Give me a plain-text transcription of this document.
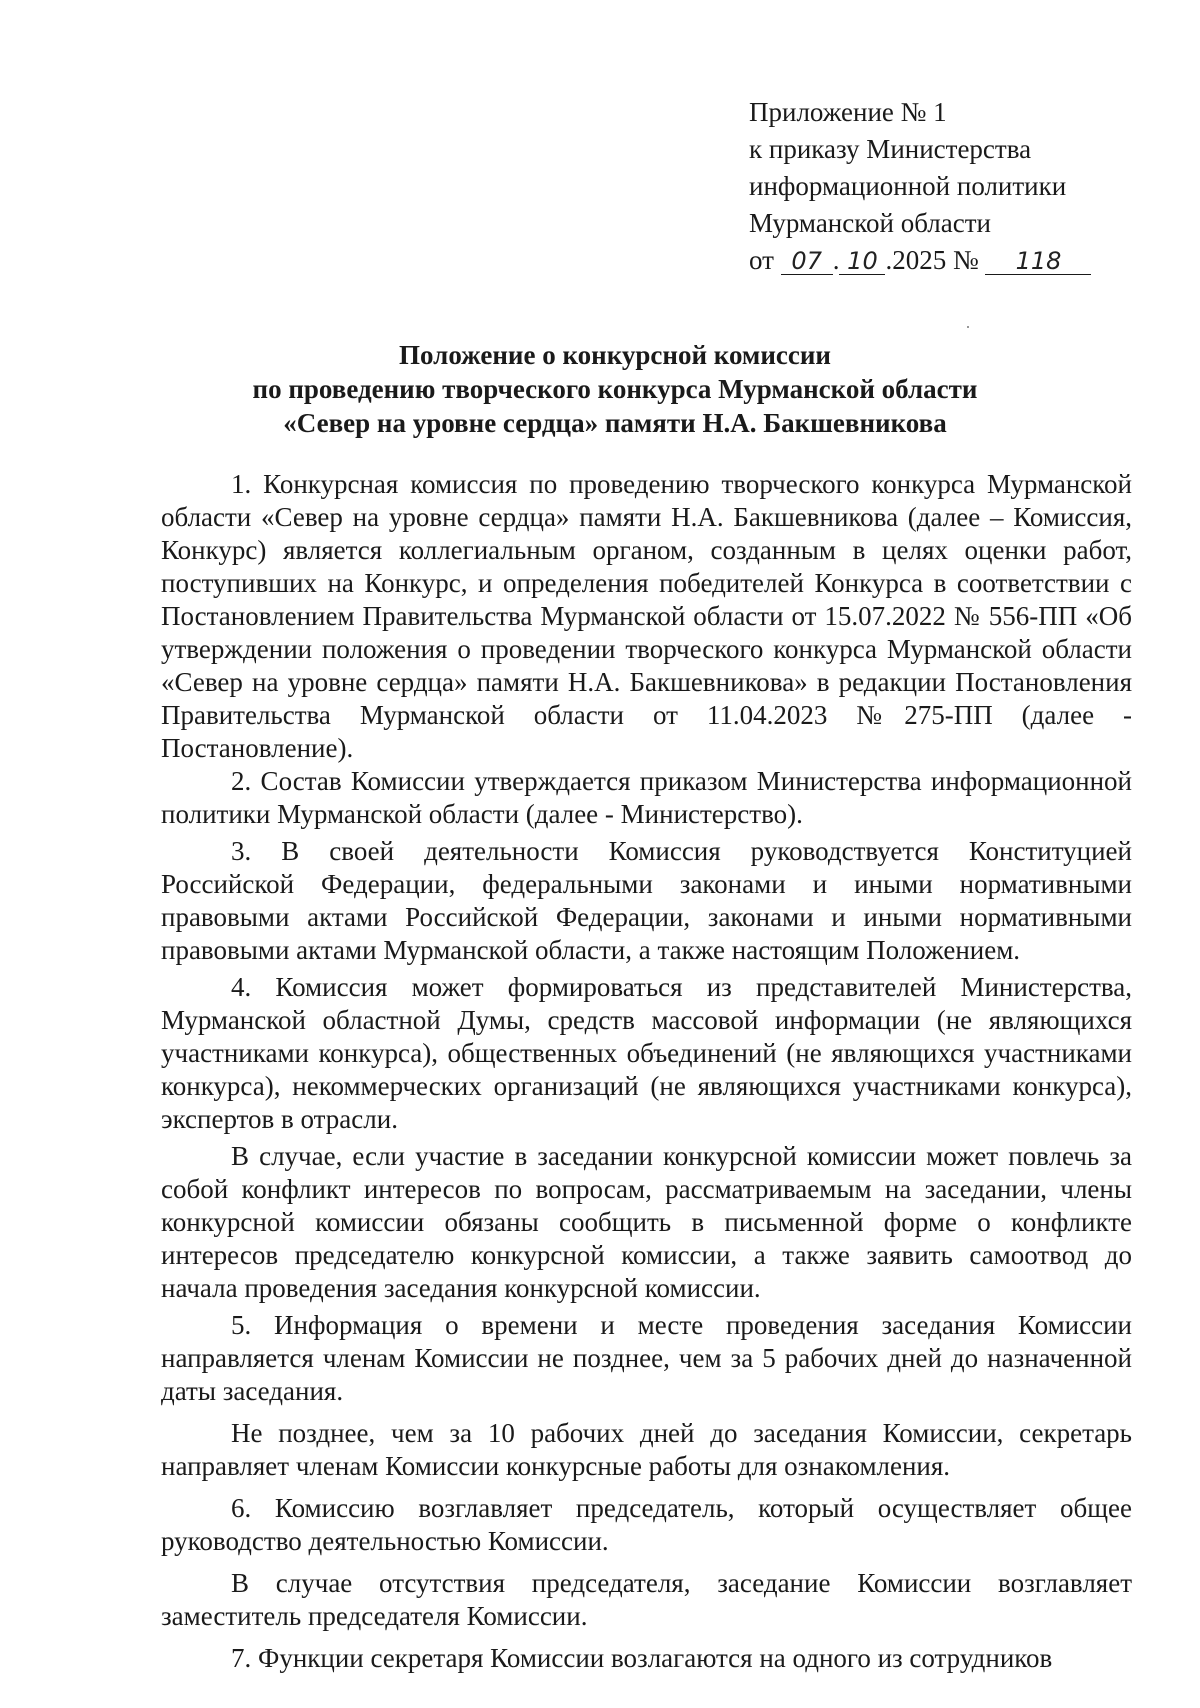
Приложение № 1
к приказу Министерства
информационной политики
Мурманской области
от 07 . 10 .2025 № 118
Положение о конкурсной комиссии
по проведению творческого конкурса Мурманской области
«Север на уровне сердца» памяти Н.А. Бакшевникова

1. Конкурсная комиссия по проведению творческого конкурса Мурманской области «Север на уровне сердца» памяти Н.А. Бакшевникова (далее – Комиссия, Конкурс) является коллегиальным органом, созданным в целях оценки работ, поступивших на Конкурс, и определения победителей Конкурса в соответствии с Постановлением Правительства Мурманской области от 15.07.2022 № 556-ПП «Об утверждении положения о проведении творческого конкурса Мурманской области «Север на уровне сердца» памяти Н.А. Бакшевникова» в редакции Постановления Правительства Мурманской области от 11.04.2023 №275-ПП (далее - Постановление).

2. Состав Комиссии утверждается приказом Министерства информационной политики Мурманской области (далее - Министерство).

3. В своей деятельности Комиссия руководствуется Конституцией Российской Федерации, федеральными законами и иными нормативными правовыми актами Российской Федерации, законами и иными нормативными правовыми актами Мурманской области, а также настоящим Положением.

4. Комиссия может формироваться из представителей Министерства, Мурманской областной Думы, средств массовой информации (не являющихся участниками конкурса), общественных объединений (не являющихся участниками конкурса), некоммерческих организаций (не являющихся участниками конкурса), экспертов в отрасли.

В случае, если участие в заседании конкурсной комиссии может повлечь за собой конфликт интересов по вопросам, рассматриваемым на заседании, члены конкурсной комиссии обязаны сообщить в письменной форме о конфликте интересов председателю конкурсной комиссии, а также заявить самоотвод до начала проведения заседания конкурсной комиссии.

5. Информация о времени и месте проведения заседания Комиссии направляется членам Комиссии не позднее, чем за 5 рабочих дней до назначенной даты заседания.

Не позднее, чем за 10 рабочих дней до заседания Комиссии, секретарь направляет членам Комиссии конкурсные работы для ознакомления.

6. Комиссию возглавляет председатель, который осуществляет общее руководство деятельностью Комиссии.

В случае отсутствия председателя, заседание Комиссии возглавляет заместитель председателя Комиссии.

7. Функции секретаря Комиссии возлагаются на одного из сотрудников
